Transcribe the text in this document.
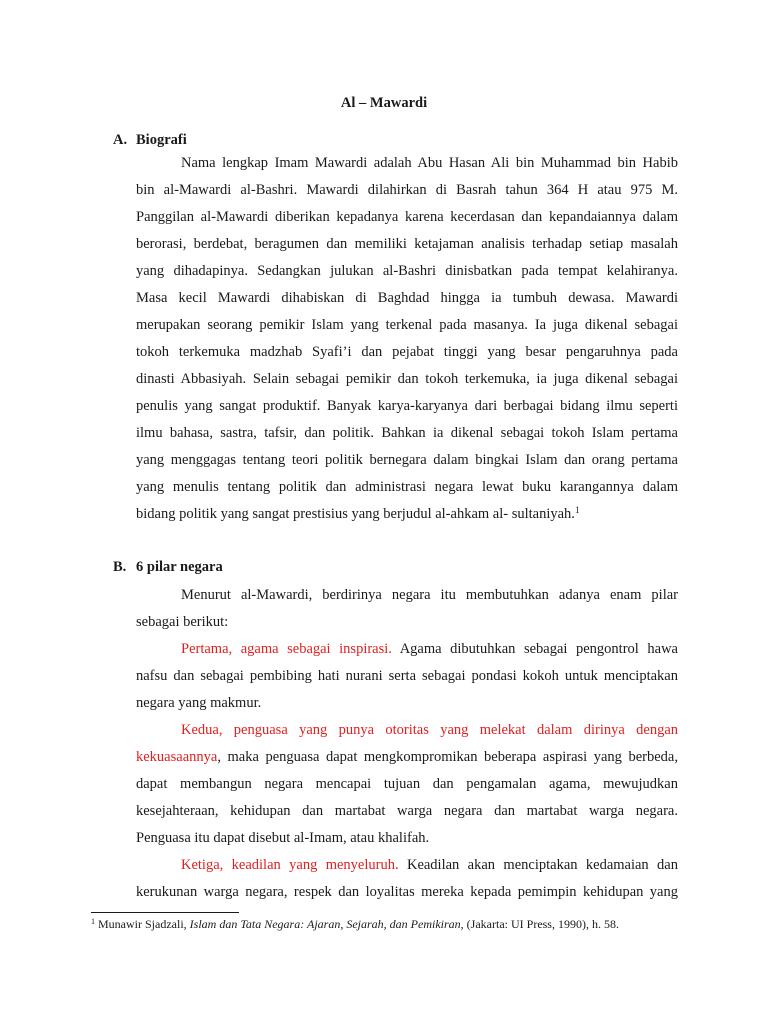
Al – Mawardi
A. Biografi
Nama lengkap Imam Mawardi adalah Abu Hasan Ali bin Muhammad bin Habib
bin al-Mawardi al-Bashri. Mawardi dilahirkan di Basrah tahun 364 H atau 975 M.
Panggilan al-Mawardi diberikan kepadanya karena kecerdasan dan kepandaiannya dalam
berorasi, berdebat, beragumen dan memiliki ketajaman analisis terhadap setiap masalah
yang dihadapinya. Sedangkan julukan al-Bashri dinisbatkan pada tempat kelahiranya.
Masa kecil Mawardi dihabiskan di Baghdad hingga ia tumbuh dewasa. Mawardi
merupakan seorang pemikir Islam yang terkenal pada masanya. Ia juga dikenal sebagai
tokoh terkemuka madzhab Syafi’i dan pejabat tinggi yang besar pengaruhnya pada
dinasti Abbasiyah. Selain sebagai pemikir dan tokoh terkemuka, ia juga dikenal sebagai
penulis yang sangat produktif. Banyak karya-karyanya dari berbagai bidang ilmu seperti
ilmu bahasa, sastra, tafsir, dan politik. Bahkan ia dikenal sebagai tokoh Islam pertama
yang menggagas tentang teori politik bernegara dalam bingkai Islam dan orang pertama
yang menulis tentang politik dan administrasi negara lewat buku karangannya dalam
bidang politik yang sangat prestisius yang berjudul al-ahkam al- sultaniyah.$^1$
B. 6 pilar negara
Menurut al-Mawardi, berdirinya negara itu membutuhkan adanya enam pilar
sebagai berikut:
Pertama, agama sebagai inspirasi. Agama dibutuhkan sebagai pengontrol hawa
nafsu dan sebagai pembibing hati nurani serta sebagai pondasi kokoh untuk menciptakan
negara yang makmur.
Kedua, penguasa yang punya otoritas yang melekat dalam dirinya dengan
kekuasaannya, maka penguasa dapat mengkompromikan beberapa aspirasi yang berbeda,
dapat membangun negara mencapai tujuan dan pengamalan agama, mewujudkan
kesejahteraan, kehidupan dan martabat warga negara dan martabat warga negara.
Penguasa itu dapat disebut al-Imam, atau khalifah.
Ketiga, keadilan yang menyeluruh. Keadilan akan menciptakan kedamaian dan
kerukunan warga negara, respek dan loyalitas mereka kepada pemimpin kehidupan yang
$^1$ Munawir Sjadzali, Islam dan Tata Negara: Ajaran, Sejarah, dan Pemikiran, (Jakarta: UI Press, 1990), h. 58.
